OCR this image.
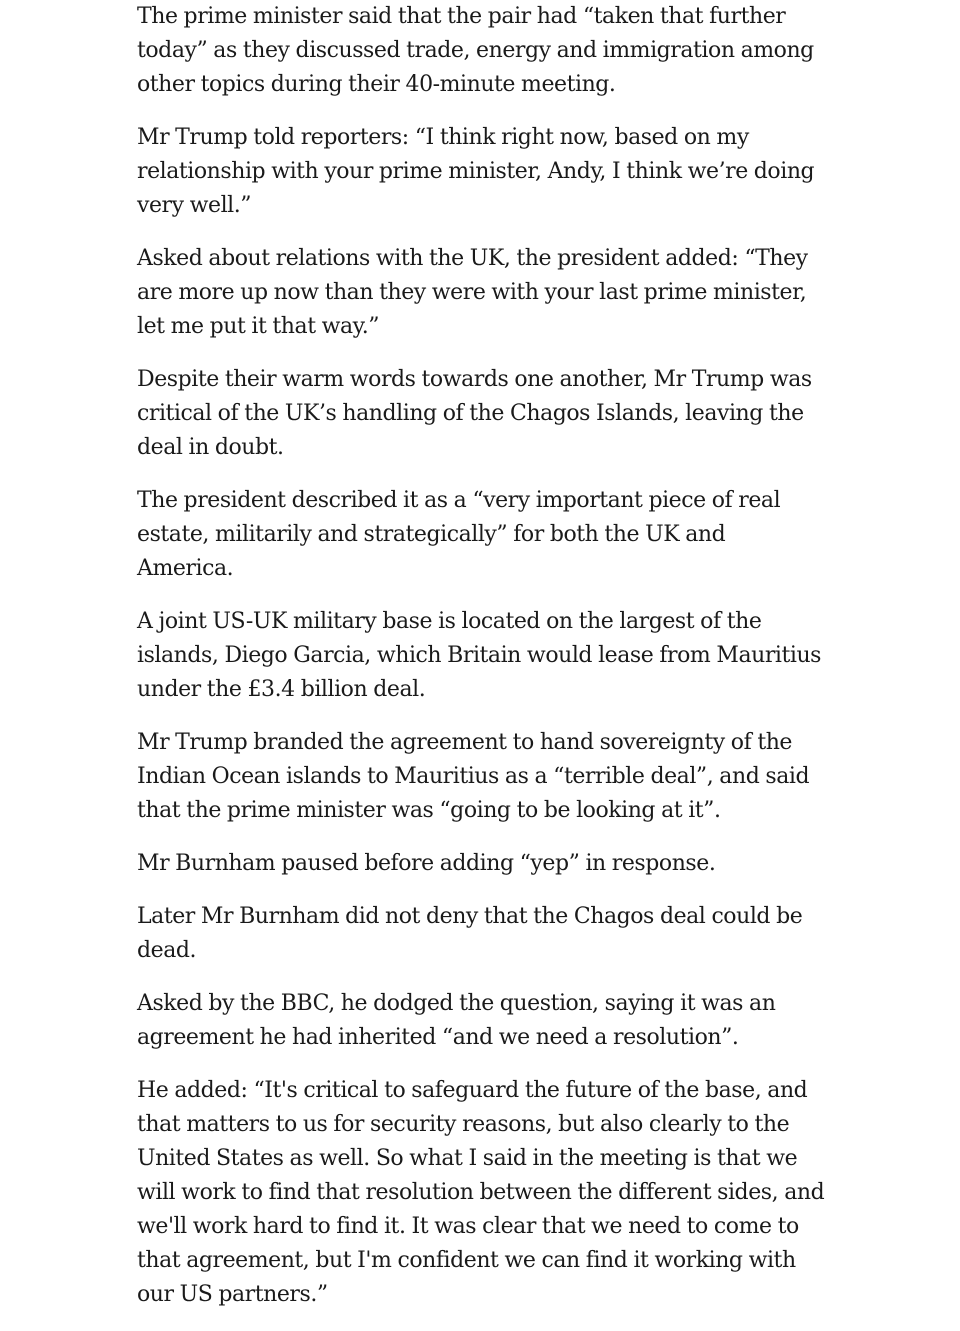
The prime minister said that the pair had “taken that further today” as they discussed trade, energy and immigration among other topics during their 40-minute meeting.

Mr Trump told reporters: “I think right now, based on my relationship with your prime minister, Andy, I think we’re doing very well.”

Asked about relations with the UK, the president added: “They are more up now than they were with your last prime minister, let me put it that way.”

Despite their warm words towards one another, Mr Trump was critical of the UK’s handling of the Chagos Islands, leaving the deal in doubt.

The president described it as a “very important piece of real estate, militarily and strategically” for both the UK and America.

A joint US-UK military base is located on the largest of the islands, Diego Garcia, which Britain would lease from Mauritius under the £3.4 billion deal.

Mr Trump branded the agreement to hand sovereignty of the Indian Ocean islands to Mauritius as a “terrible deal”, and said that the prime minister was “going to be looking at it”.

Mr Burnham paused before adding “yep” in response.

Later Mr Burnham did not deny that the Chagos deal could be dead.

Asked by the BBC, he dodged the question, saying it was an agreement he had inherited “and we need a resolution”.

He added: “It's critical to safeguard the future of the base, and that matters to us for security reasons, but also clearly to the United States as well. So what I said in the meeting is that we will work to find that resolution between the different sides, and we'll work hard to find it. It was clear that we need to come to that agreement, but I'm confident we can find it working with our US partners.”
